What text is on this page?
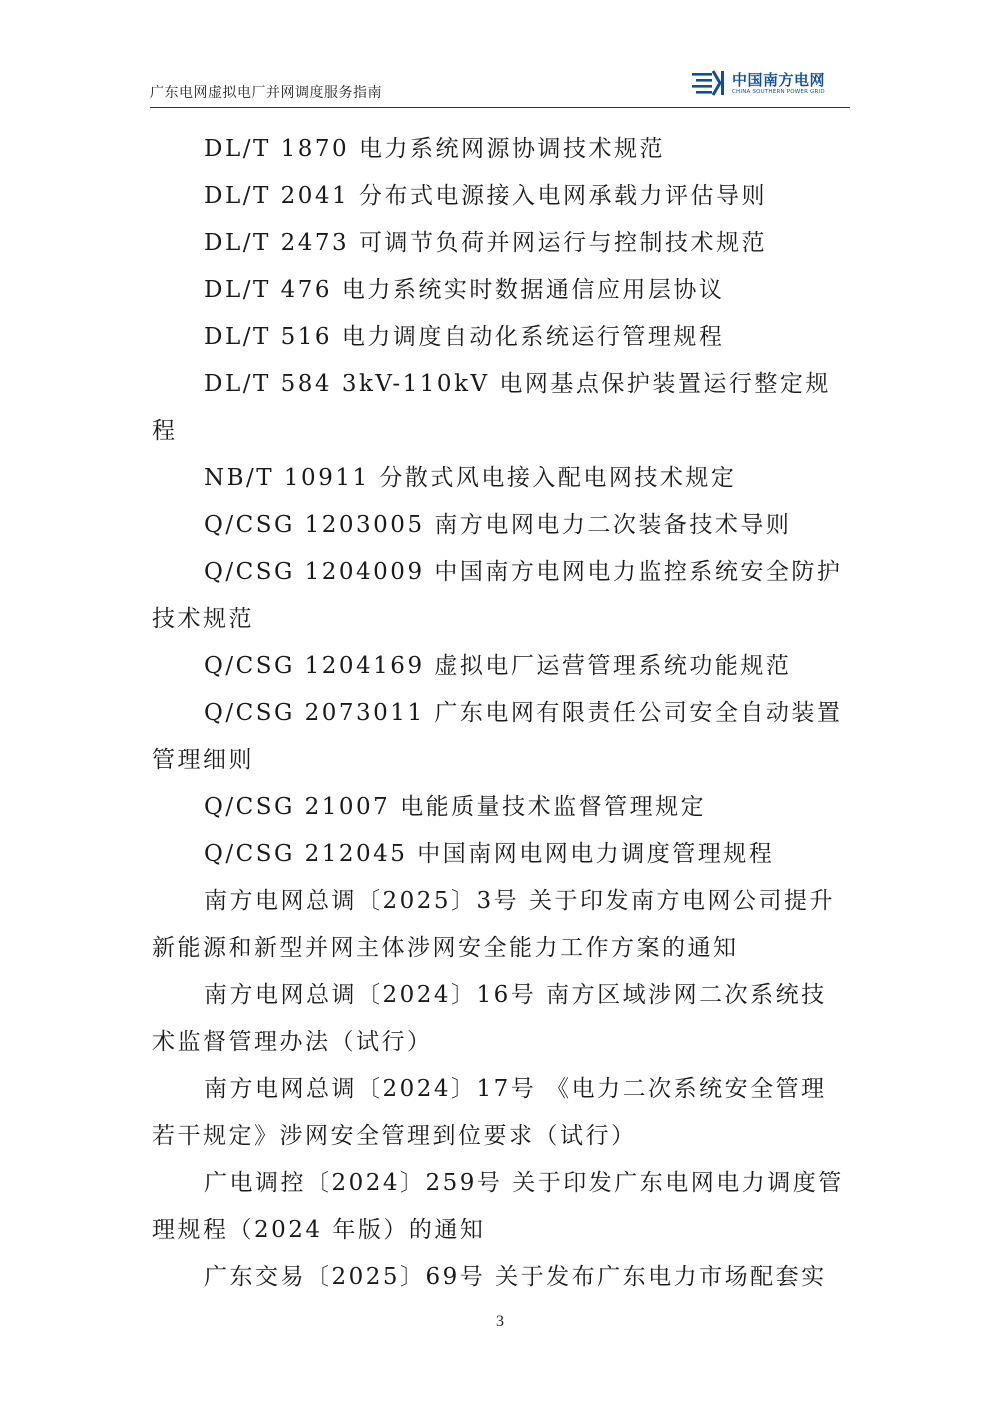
广东电网虚拟电厂并网调度服务指南
中国南方电网
CHINA SOUTHERN POWER GRID

DL/T 1870 电力系统网源协调技术规范

DL/T 2041 分布式电源接入电网承载力评估导则

DL/T 2473 可调节负荷并网运行与控制技术规范

DL/T 476 电力系统实时数据通信应用层协议

DL/T 516 电力调度自动化系统运行管理规程

DL/T 584 3kV-110kV 电网基点保护装置运行整定规程

NB/T 10911 分散式风电接入配电网技术规定

Q/CSG 1203005 南方电网电力二次装备技术导则

Q/CSG 1204009 中国南方电网电力监控系统安全防护技术规范

Q/CSG 1204169 虚拟电厂运营管理系统功能规范

Q/CSG 2073011 广东电网有限责任公司安全自动装置管理细则

Q/CSG 21007 电能质量技术监督管理规定

Q/CSG 212045 中国南网电网电力调度管理规程

南方电网总调〔2025〕3号 关于印发南方电网公司提升新能源和新型并网主体涉网安全能力工作方案的通知

南方电网总调〔2024〕16号 南方区域涉网二次系统技术监督管理办法（试行）

南方电网总调〔2024〕17号 《电力二次系统安全管理若干规定》涉网安全管理到位要求（试行）

广电调控〔2024〕259号 关于印发广东电网电力调度管理规程（2024 年版）的通知

广东交易〔2025〕69号 关于发布广东电力市场配套实

3
